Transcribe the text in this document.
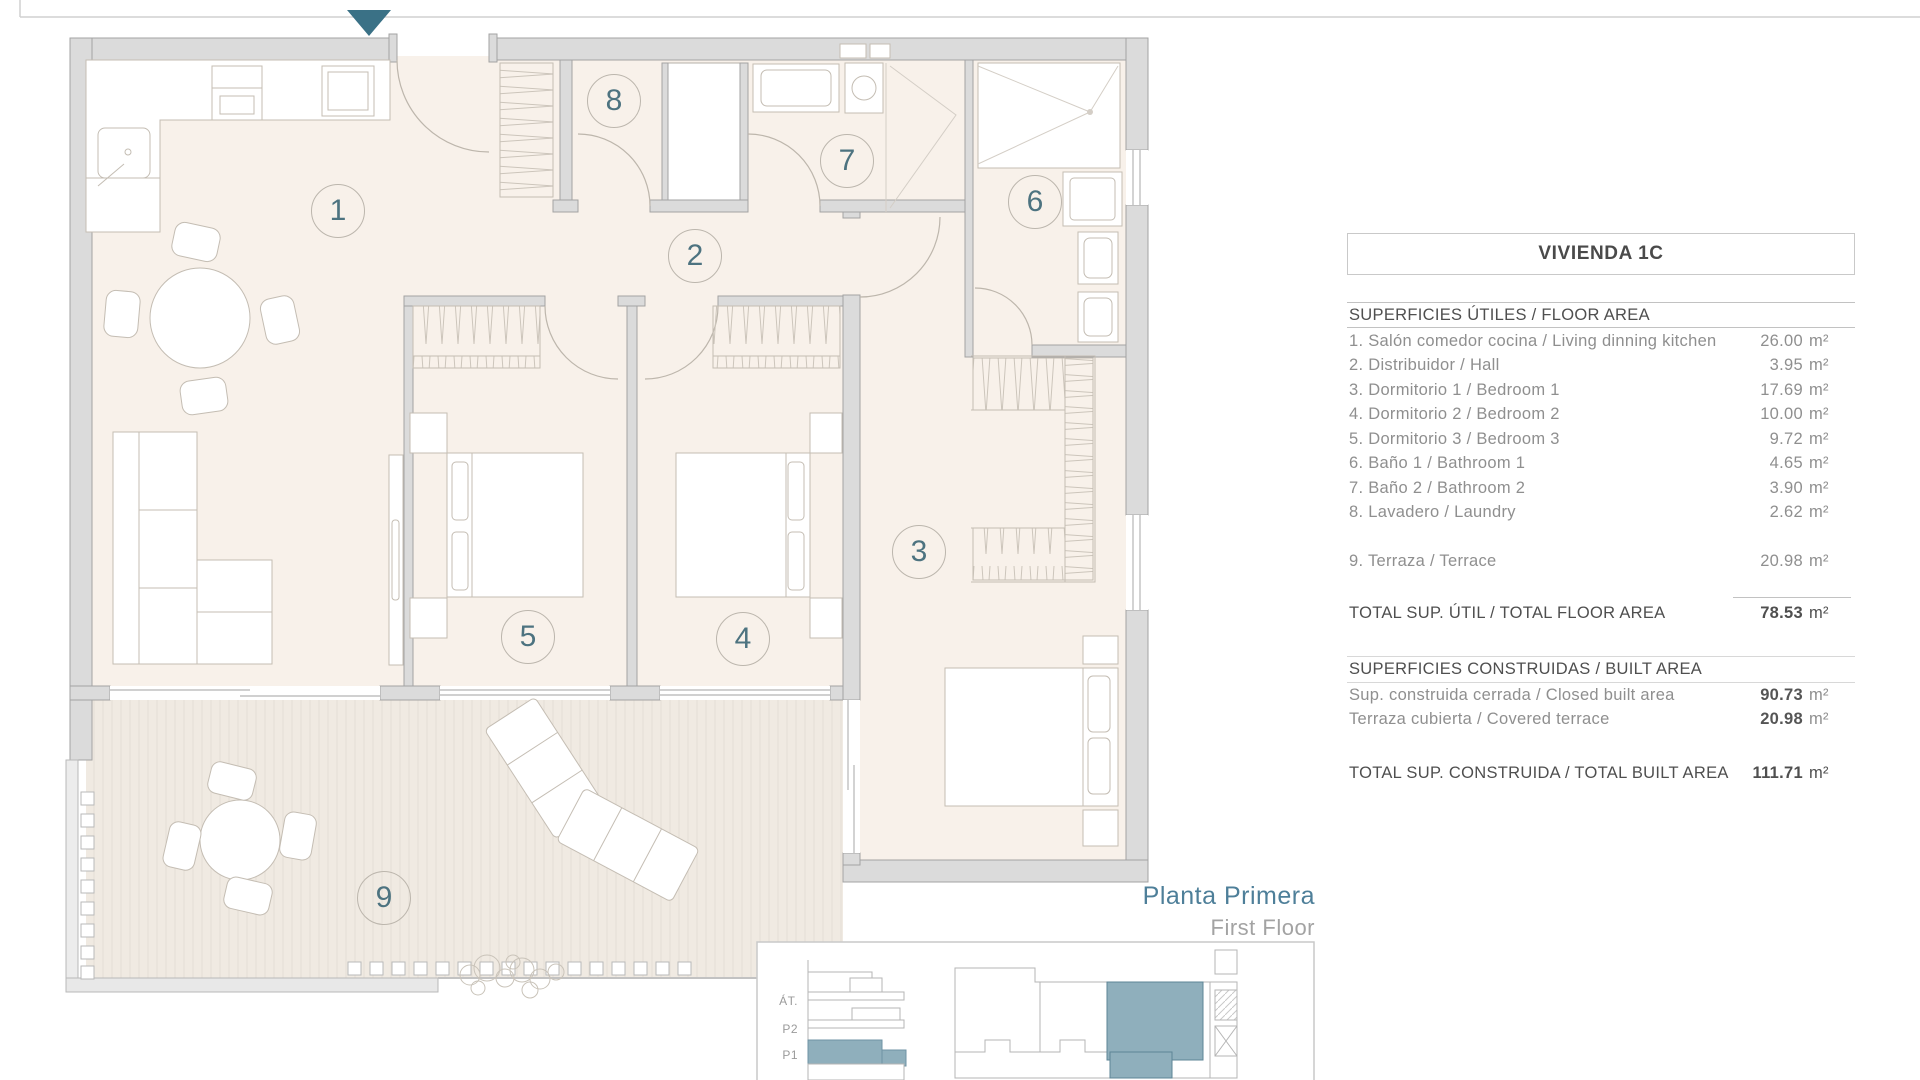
1
2
3
4
5
6
7
8
9
VIVIENDA 1C
SUPERFICIES ÚTILES / FLOOR AREA
1. Salón comedor cocina / Living dinning kitchen	26.00 m²
2. Distribuidor / Hall	3.95 m²
3. Dormitorio 1 / Bedroom 1	17.69 m²
4. Dormitorio 2 / Bedroom 2	10.00 m²
5. Dormitorio 3 / Bedroom 3	9.72 m²
6. Baño 1 / Bathroom 1	4.65 m²
7. Baño 2 / Bathroom 2	3.90 m²
8. Lavadero / Laundry	2.62 m²
9. Terraza / Terrace	20.98 m²
TOTAL SUP. ÚTIL / TOTAL FLOOR AREA	78.53 m²
SUPERFICIES CONSTRUIDAS / BUILT AREA
Sup. construida cerrada / Closed built area	90.73 m²
Terraza cubierta / Covered terrace	20.98 m²
TOTAL SUP. CONSTRUIDA / TOTAL BUILT AREA	111.71 m²
Planta Primera
First Floor
ÁT.
P2
P1
